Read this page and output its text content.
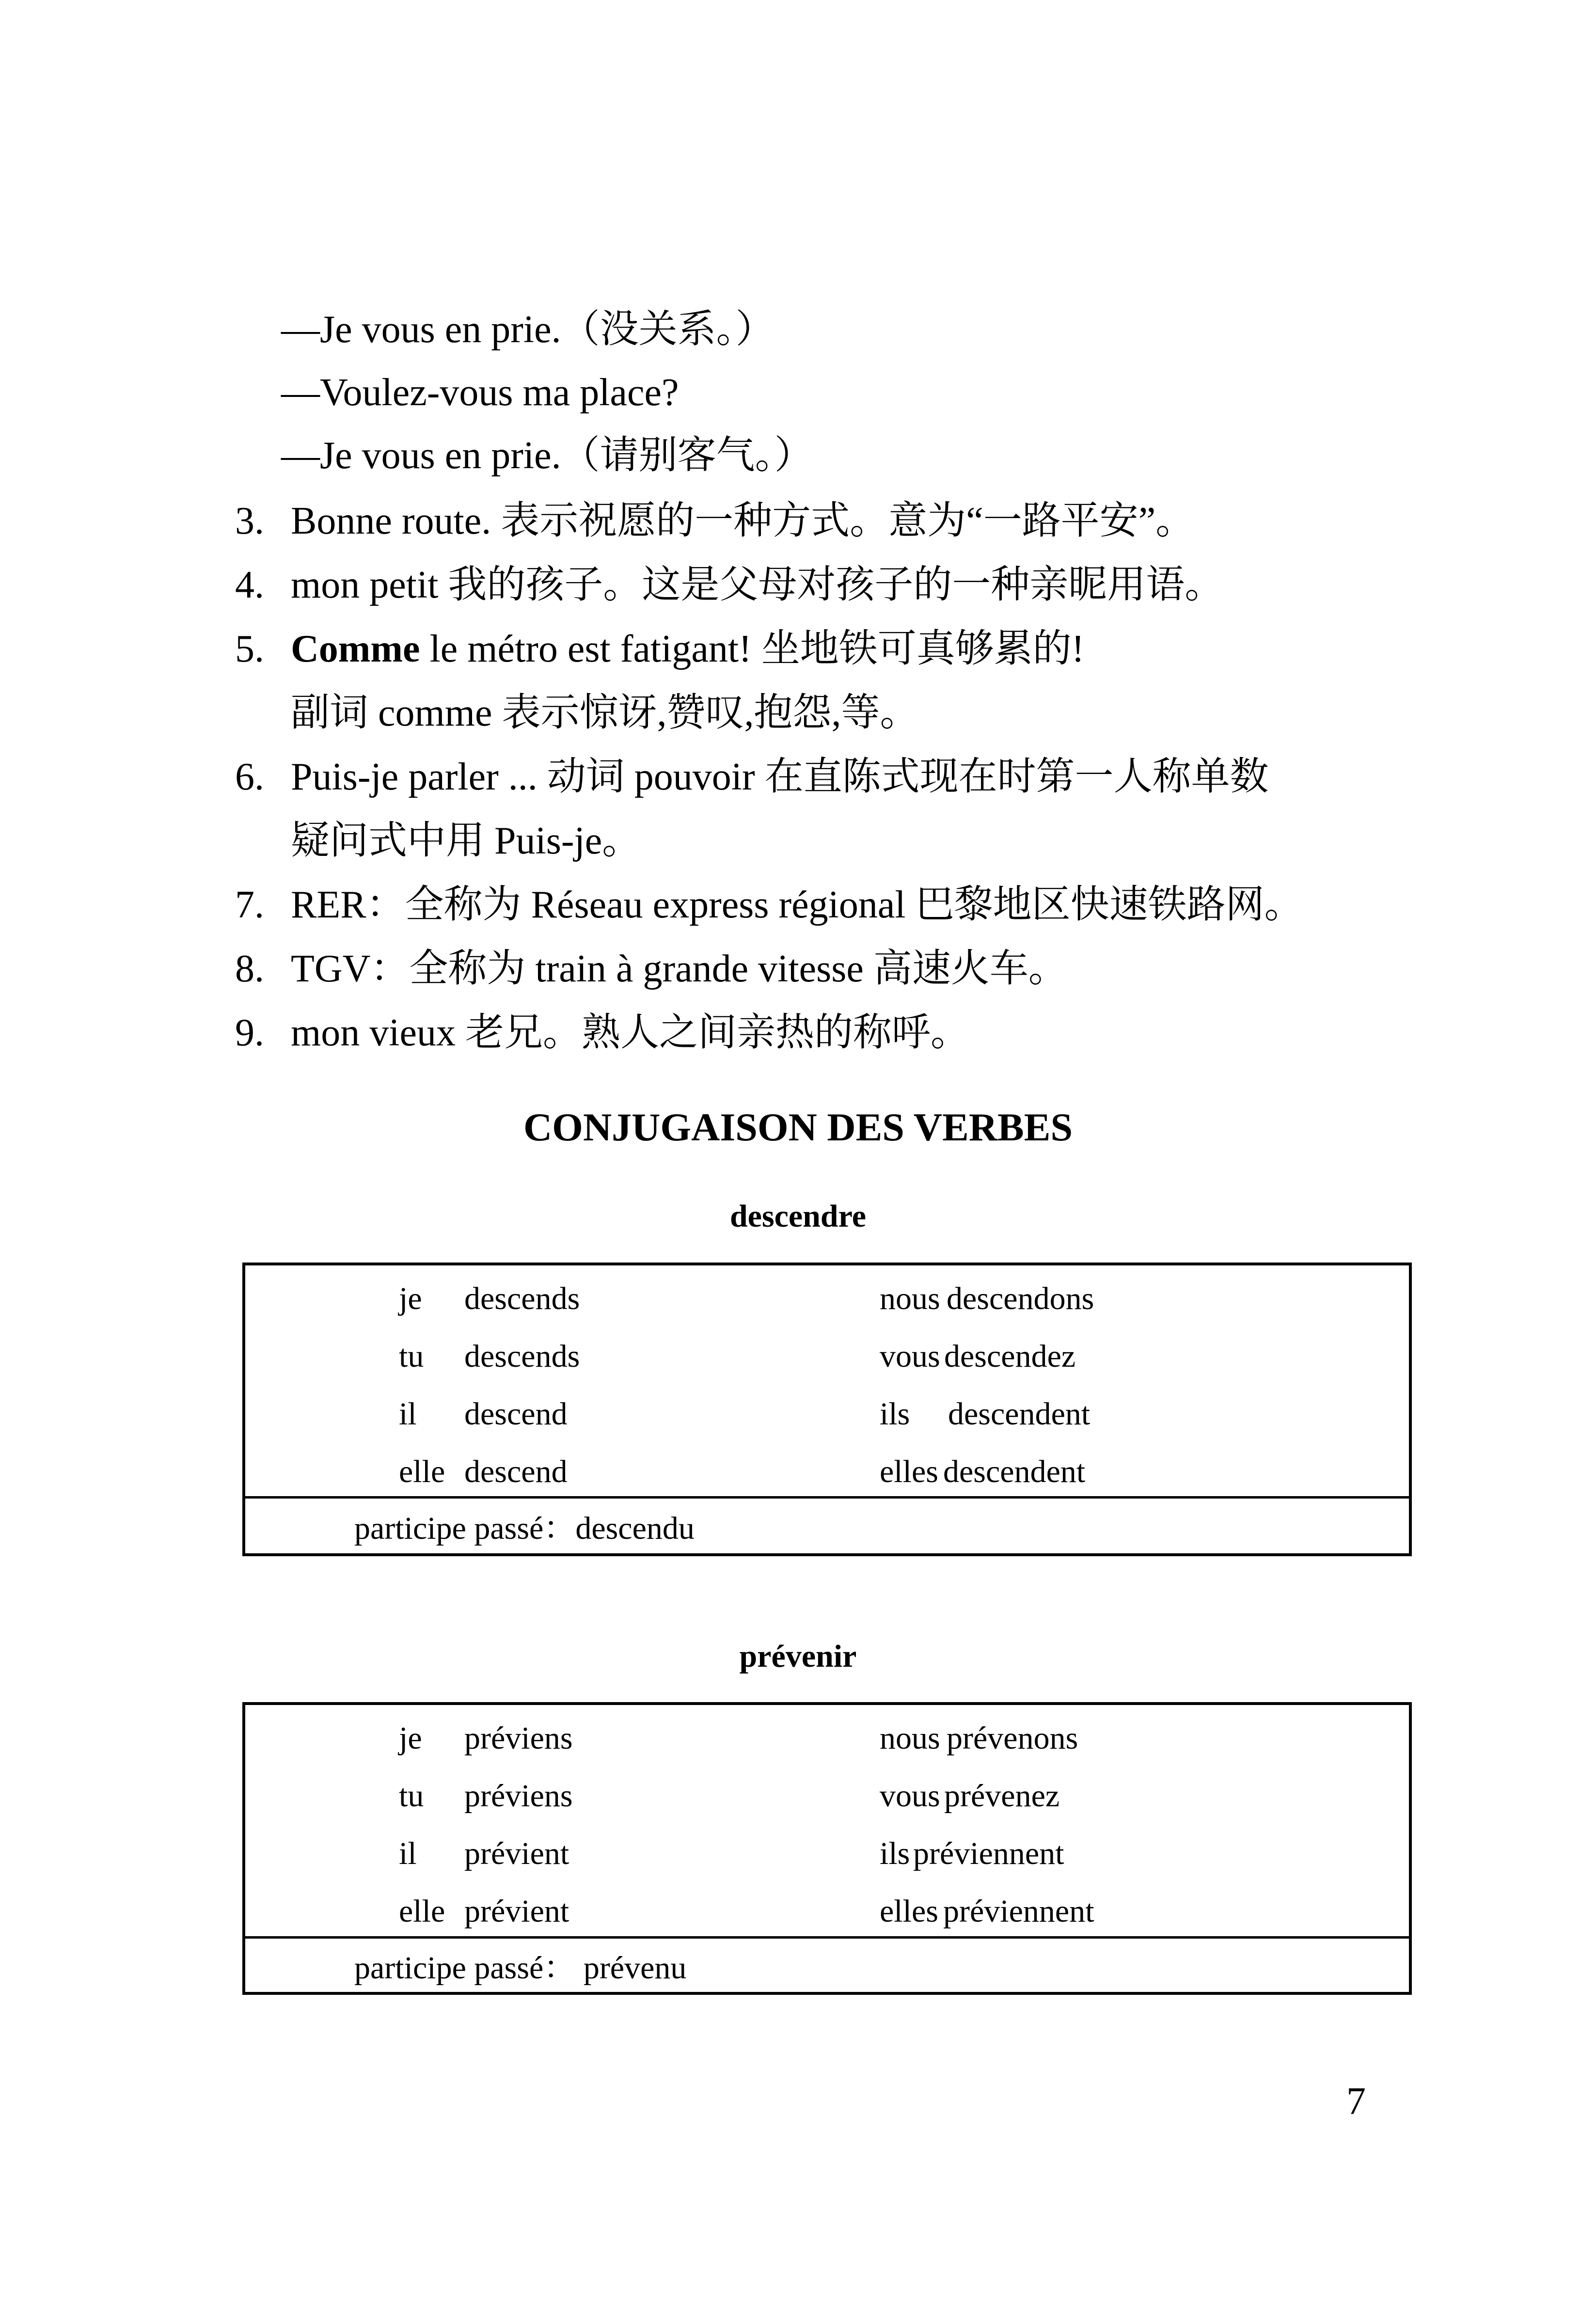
—Je vous en prie.（没关系。）
—Voulez-vous ma place?
—Je vous en prie.（请别客气。）
3. Bonne route. 表示祝愿的一种方式。意为“一路平安”。
4. mon petit 我的孩子。这是父母对孩子的一种亲昵用语。
5. Comme le métro est fatigant! 坐地铁可真够累的!
副词 comme 表示惊讶,赞叹,抱怨,等。
6. Puis-je parler ... 动词 pouvoir 在直陈式现在时第一人称单数
疑问式中用 Puis-je。
7. RER：全称为 Réseau express régional 巴黎地区快速铁路网。
8. TGV：全称为 train à grande vitesse 高速火车。
9. mon vieux 老兄。熟人之间亲热的称呼。
CONJUGAISON DES VERBES
descendre
je descends
tu descends
il descend
elle descend
nous descendons
vous descendez
ils descendent
elles descendent
participe passé：descendu
prévenir
je préviens
tu préviens
il prévient
elle prévient
nous prévenons
vous prévenez
ils préviennent
elles préviennent
participe passé： prévenu
7
